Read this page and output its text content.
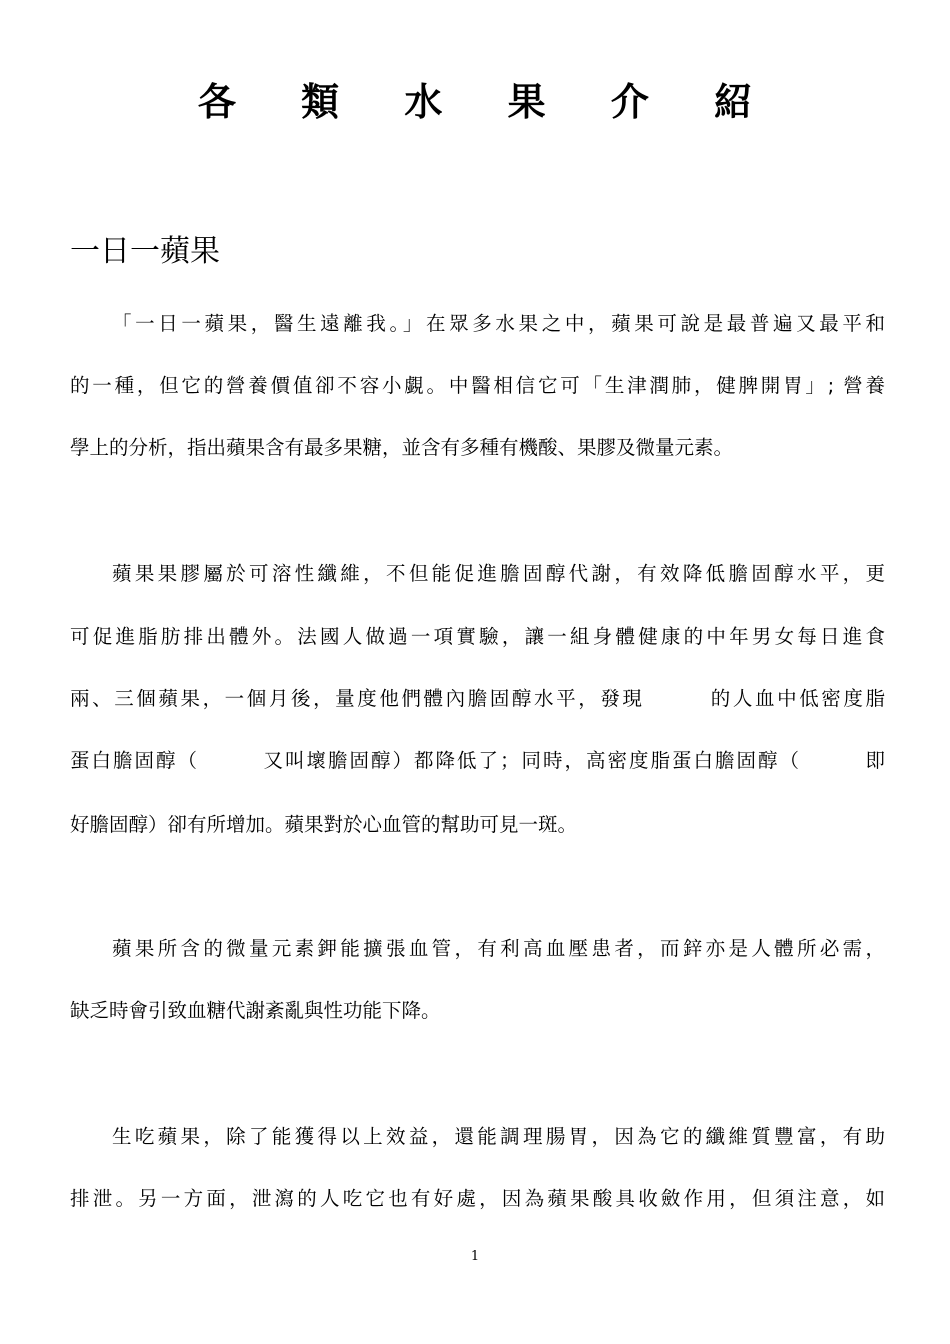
各 類 水 果 介 紹
一日一蘋果
「一日一蘋果，醫生遠離我。」在眾多水果之中，蘋果可說是最普遍又最平和
的一種，但它的營養價值卻不容小覷。中醫相信它可「生津潤肺，健脾開胃」; 營養
學上的分析，指出蘋果含有最多果糖，並含有多種有機酸、果膠及微量元素。
蘋果果膠屬於可溶性纖維，不但能促進膽固醇代謝，有效降低膽固醇水平，更
可促進脂肪排出體外。法國人做過一項實驗，讓一組身體健康的中年男女每日進食
兩、三個蘋果，一個月後，量度他們體內膽固醇水平，發現　　　的人血中低密度脂
蛋白膽固醇（　　　又叫壞膽固醇）都降低了；同時，高密度脂蛋白膽固醇（　　　即
好膽固醇）卻有所增加。蘋果對於心血管的幫助可見一斑。
蘋果所含的微量元素鉀能擴張血管，有利高血壓患者，而鋅亦是人體所必需，
缺乏時會引致血糖代謝紊亂與性功能下降。
生吃蘋果，除了能獲得以上效益，還能調理腸胃，因為它的纖維質豐富，有助
排泄。另一方面，泄瀉的人吃它也有好處，因為蘋果酸具收斂作用，但須注意，如
1
